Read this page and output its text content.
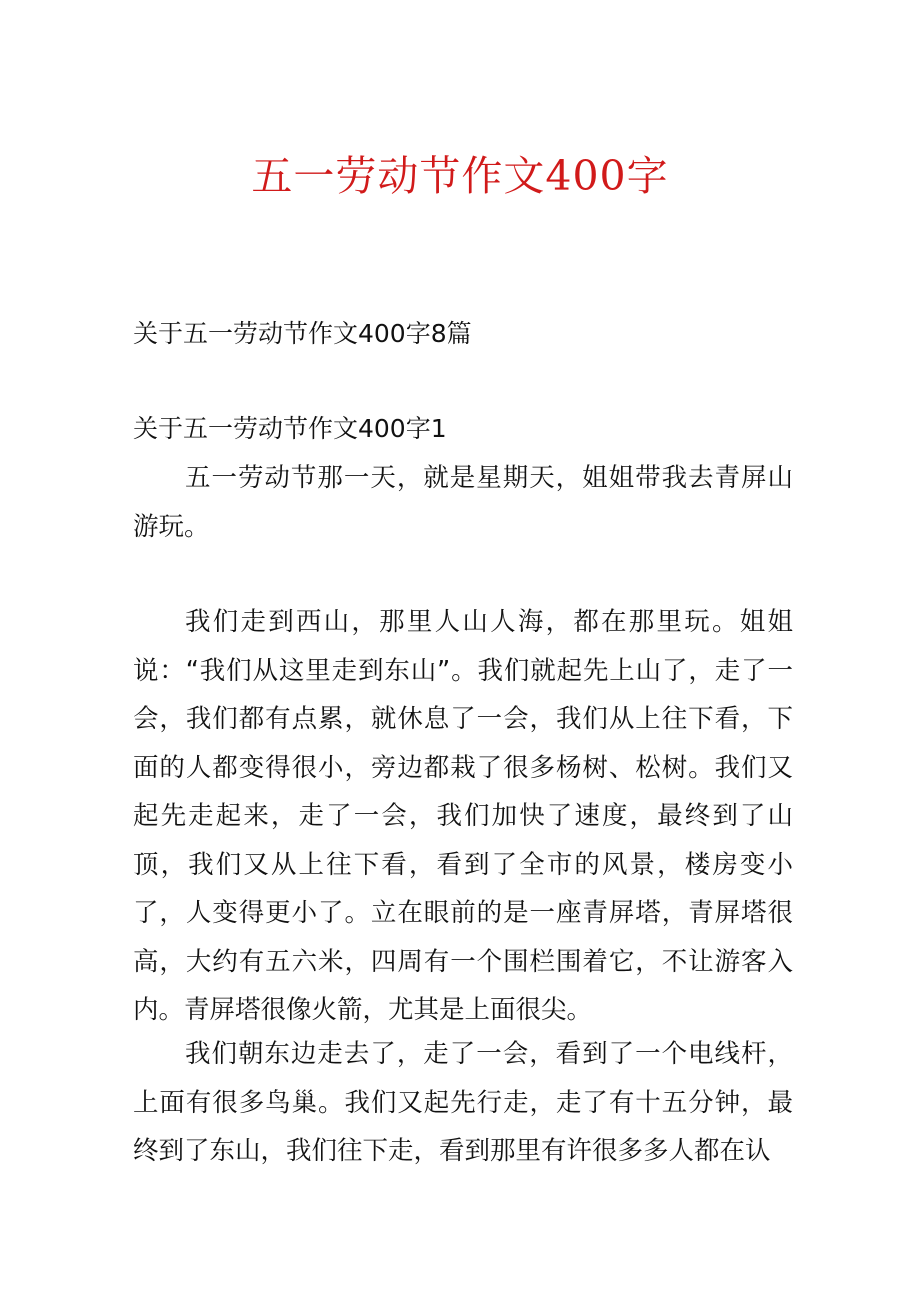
五一劳动节作文400字
关于五一劳动节作文400字8篇
关于五一劳动节作文400字1

五一劳动节那一天，就是星期天，姐姐带我去青屏山游玩。

我们走到西山，那里人山人海，都在那里玩。姐姐说：“我们从这里走到东山”。我们就起先上山了，走了一会，我们都有点累，就休息了一会，我们从上往下看，下面的人都变得很小，旁边都栽了很多杨树、松树。我们又起先走起来，走了一会，我们加快了速度，最终到了山顶，我们又从上往下看，看到了全市的风景，楼房变小了，人变得更小了。立在眼前的是一座青屏塔，青屏塔很高，大约有五六米，四周有一个围栏围着它，不让游客入内。青屏塔很像火箭，尤其是上面很尖。

我们朝东边走去了，走了一会，看到了一个电线杆，上面有很多鸟巢。我们又起先行走，走了有十五分钟，最终到了东山，我们往下走，看到那里有许很多多人都在认
